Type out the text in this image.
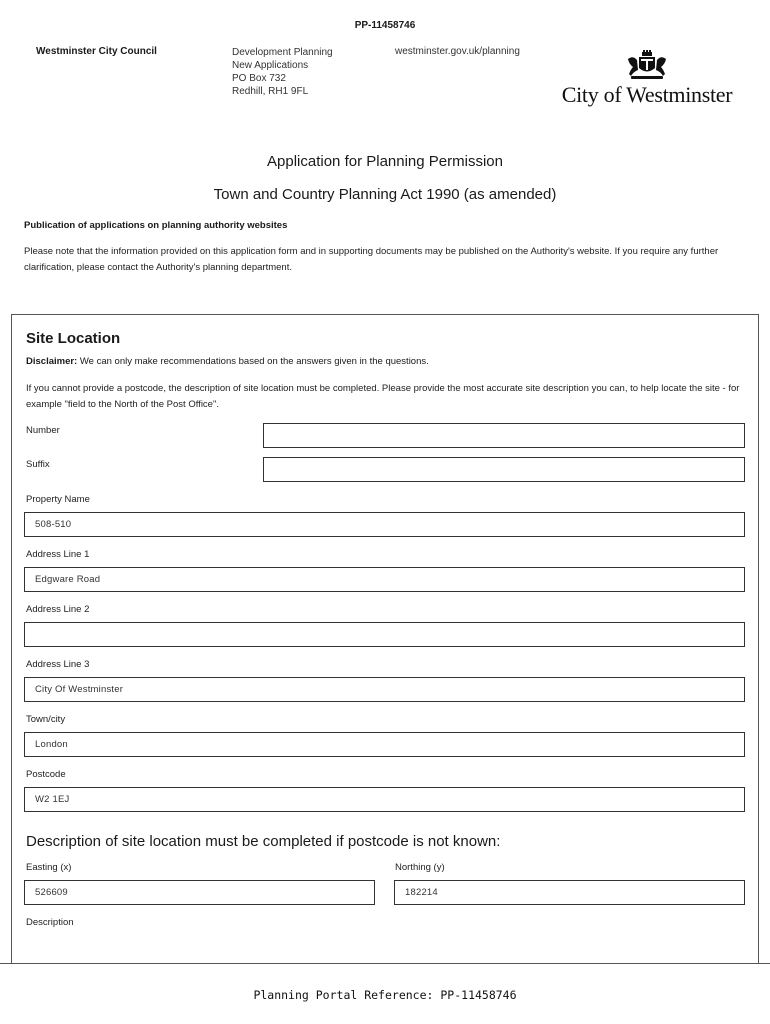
PP-11458746
Westminster City Council	Development Planning
New Applications
PO Box 732
Redhill, RH1 9FL
westminster.gov.uk/planning
City of Westminster
Application for Planning Permission
Town and Country Planning Act 1990 (as amended)
Publication of applications on planning authority websites
Please note that the information provided on this application form and in supporting documents may be published on the Authority's website. If you require any further clarification, please contact the Authority's planning department.
Site Location
Disclaimer: We can only make recommendations based on the answers given in the questions.
If you cannot provide a postcode, the description of site location must be completed. Please provide the most accurate site description you can, to help locate the site - for example "field to the North of the Post Office".
Number
Suffix
Property Name
508-510
Address Line 1
Edgware Road
Address Line 2
Address Line 3
City Of Westminster
Town/city
London
Postcode
W2 1EJ
Description of site location must be completed if postcode is not known:
Easting (x)
526609
Northing (y)
182214
Description
Planning Portal Reference: PP-11458746
